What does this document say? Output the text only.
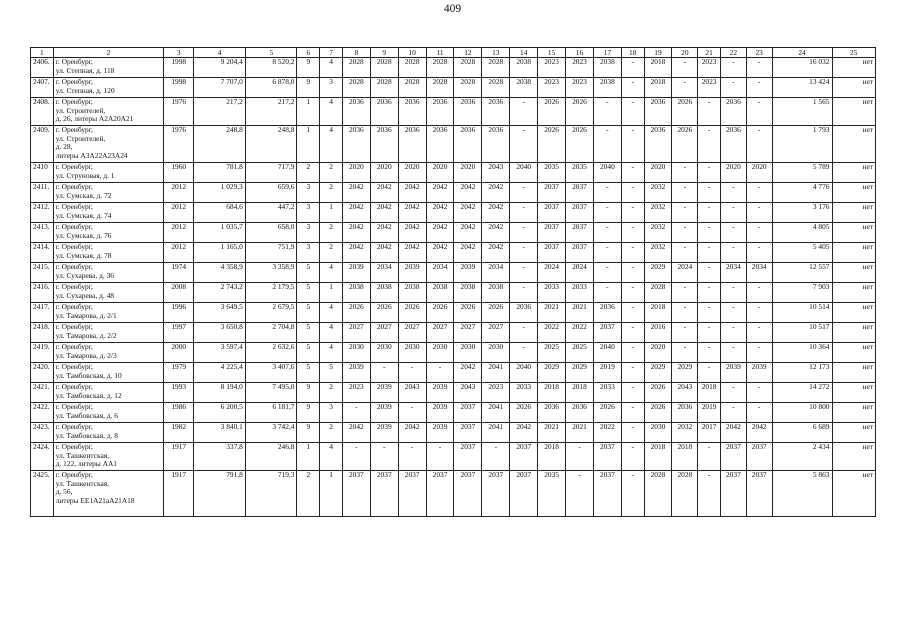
409
1	2	3	4	5	6	7	8	9	10	11	12	13	14	15	16	17	18	19	20	21	22	23	24	25
2406.	г. Оренбург,
ул. Степная, д. 118	1998	9 204,4	8 520,2	9	4	2028	2028	2028	2028	2028	2028	2038	2023	2023	2038	-	2018	-	2023	-	-	16 032	нет
2407.	г. Оренбург,
ул. Степная, д. 120	1998	7 707,0	6 878,0	9	3	2028	2028	2028	2028	2028	2028	2038	2023	2023	2038	-	2018	-	2023	-	-	13 424	нет
2408.	г. Оренбург,
ул. Строителей,
д. 26, литеры А2А20А21	1976	217,2	217,2	1	4	2036	2036	2036	2036	2036	2036	-	2026	2026	-	-	2036	2026	-	2036	-	1 565	нет
2409.	г. Оренбург,
ул. Строителей,
д. 28,
литеры А3А22А23А24	1976	248,8	248,8	1	4	2036	2036	2036	2036	2036	2036	-	2026	2026	-	-	2036	2026	-	2036	-	1 793	нет
2410	г. Оренбург,
ул. Струновая, д. 1	1960	781,8	717,9	2	2	2020	2020	2020	2020	2020	2043	2040	2035	2035	2040	-	2020	-	-	2020	2020	5 789	нет
2411.	г. Оренбург,
ул. Сумская, д. 72	2012	1 029,3	659,6	3	2	2042	2042	2042	2042	2042	2042	-	2037	2037	-	-	2032	-	-	-	-	4 776	нет
2412.	г. Оренбург,
ул. Сумская, д. 74	2012	684,6	447,2	3	1	2042	2042	2042	2042	2042	2042	-	2037	2037	-	-	2032	-	-	-	-	3 176	нет
2413.	г. Оренбург,
ул. Сумская, д. 76	2012	1 035,7	658,0	3	2	2042	2042	2042	2042	2042	2042	-	2037	2037	-	-	2032	-	-	-	-	4 805	нет
2414.	г. Оренбург,
ул. Сумская, д. 78	2012	1 165,0	751,9	3	2	2042	2042	2042	2042	2042	2042	-	2037	2037	-	-	2032	-	-	-	-	5 405	нет
2415.	г. Оренбург,
ул. Сухарева, д. 36	1974	4 358,9	3 358,9	5	4	2039	2034	2039	2034	2039	2034	-	2024	2024	-	-	2029	2024	-	2034	2034	12 557	нет
2416.	г. Оренбург,
ул. Сухарева, д. 48	2008	2 743,2	2 179,5	5	1	2038	2038	2038	2038	2038	2038	-	2033	2033	-	-	2028	-	-	-	-	7 903	нет
2417.	г. Оренбург,
ул. Тамарова, д. 2/1	1996	3 649,5	2 679,5	5	4	2026	2026	2026	2026	2026	2026	2036	2021	2021	2036	-	2018	-	-	-	-	10 514	нет
2418.	г. Оренбург,
ул. Тамарова, д. 2/2	1997	3 650,8	2 704,8	5	4	2027	2027	2027	2027	2027	2027	-	2022	2022	2037	-	2016	-	-	-	-	10 517	нет
2419.	г. Оренбург,
ул. Тамарова, д. 2/3	2000	3 597,4	2 632,6	5	4	2030	2030	2030	2030	2030	2030	-	2025	2025	2040	-	2020	-	-	-	-	10 364	нет
2420.	г. Оренбург,
ул. Тамбовская, д. 10	1979	4 225,4	3 407,6	5	5	2039	-	-	-	2042	2041	2040	2029	2029	2019	-	2029	2029	-	2039	2039	12 173	нет
2421.	г. Оренбург,
ул. Тамбовская, д. 12	1993	8 194,0	7 495,0	9	2	2023	2039	2043	2039	2043	2023	2033	2018	2018	2033	-	2026	2043	2018	-	-	14 272	нет
2422.	г. Оренбург,
ул. Тамбовская, д. 6	1986	6 200,5	6 181,7	9	3	-	2039	-	2039	2037	2041	2026	2036	2036	2026	-	2026	2036	2019	-	-	10 800	нет
2423.	г. Оренбург,
ул. Тамбовская, д. 8	1982	3 840,1	3 742,4	9	2	2042	2039	2042	2039	2037	2041	2042	2021	2021	2022	-	2030	2032	2017	2042	2042	6 689	нет
2424.	г. Оренбург,
ул. Ташкентская,
д. 122, литеры АА1	1917	337,8	246,8	1	4	-	-	-	-	2037	-	2037	2018	-	2037	-	2018	2018	-	2037	2037	2 434	нет
2425.	г. Оренбург,
ул. Ташкентская,
д. 56,
литеры ЕЕ1А21аА21А18	1917	791,8	719,3	2	1	2037	2037	2037	2037	2037	2037	2037	2035	-	2037	-	2028	2028	-	2037	2037	5 863	нет
